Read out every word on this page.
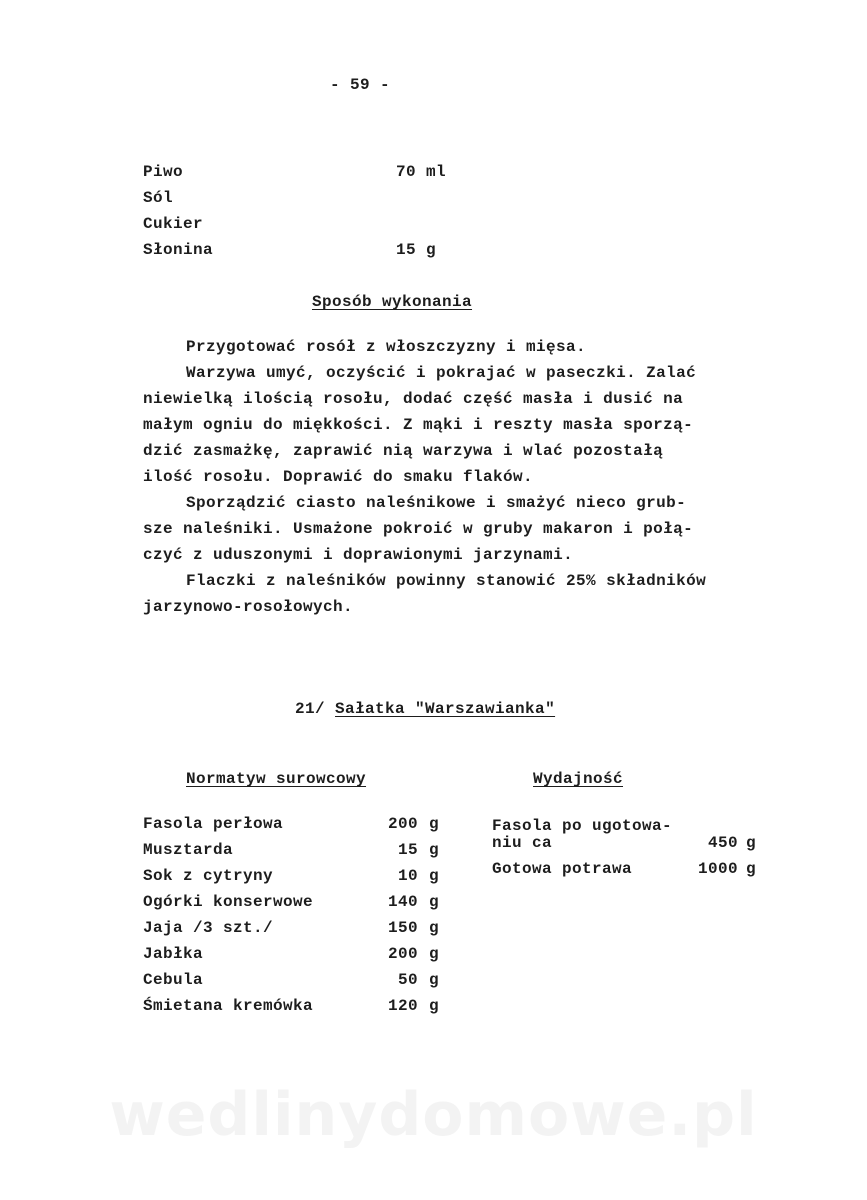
wedlinydomowe.pl
- 59 -
Piwo	70 ml
Sól
Cukier
Słonina	15 g
Sposób wykonania
Przygotować rosół z włoszczyzny i mięsa.
Warzywa umyć, oczyścić i pokrajać w paseczki. Zalać
niewielką ilością rosołu, dodać część masła i dusić na
małym ogniu do miękkości. Z mąki i reszty masła sporzą-
dzić zasmażkę, zaprawić nią warzywa i wlać pozostałą
ilość rosołu. Doprawić do smaku flaków.
Sporządzić ciasto naleśnikowe i smażyć nieco grub-
sze naleśniki. Usmażone pokroić w gruby makaron i połą-
czyć z uduszonymi i doprawionymi jarzynami.
Flaczki z naleśników powinny stanowić 25% składników
jarzynowo-rosołowych.
21/ Sałatka "Warszawianka"
Normatyw surowcowy	Wydajność
Fasola perłowa	200 g
Musztarda	15 g
Sok z cytryny	10 g
Ogórki konserwowe	140 g
Jaja /3 szt./	150 g
Jabłka	200 g
Cebula	50 g
Śmietana kremówka	120 g
Fasola po ugotowa-
niu ca	450 g
Gotowa potrawa	1000 g
